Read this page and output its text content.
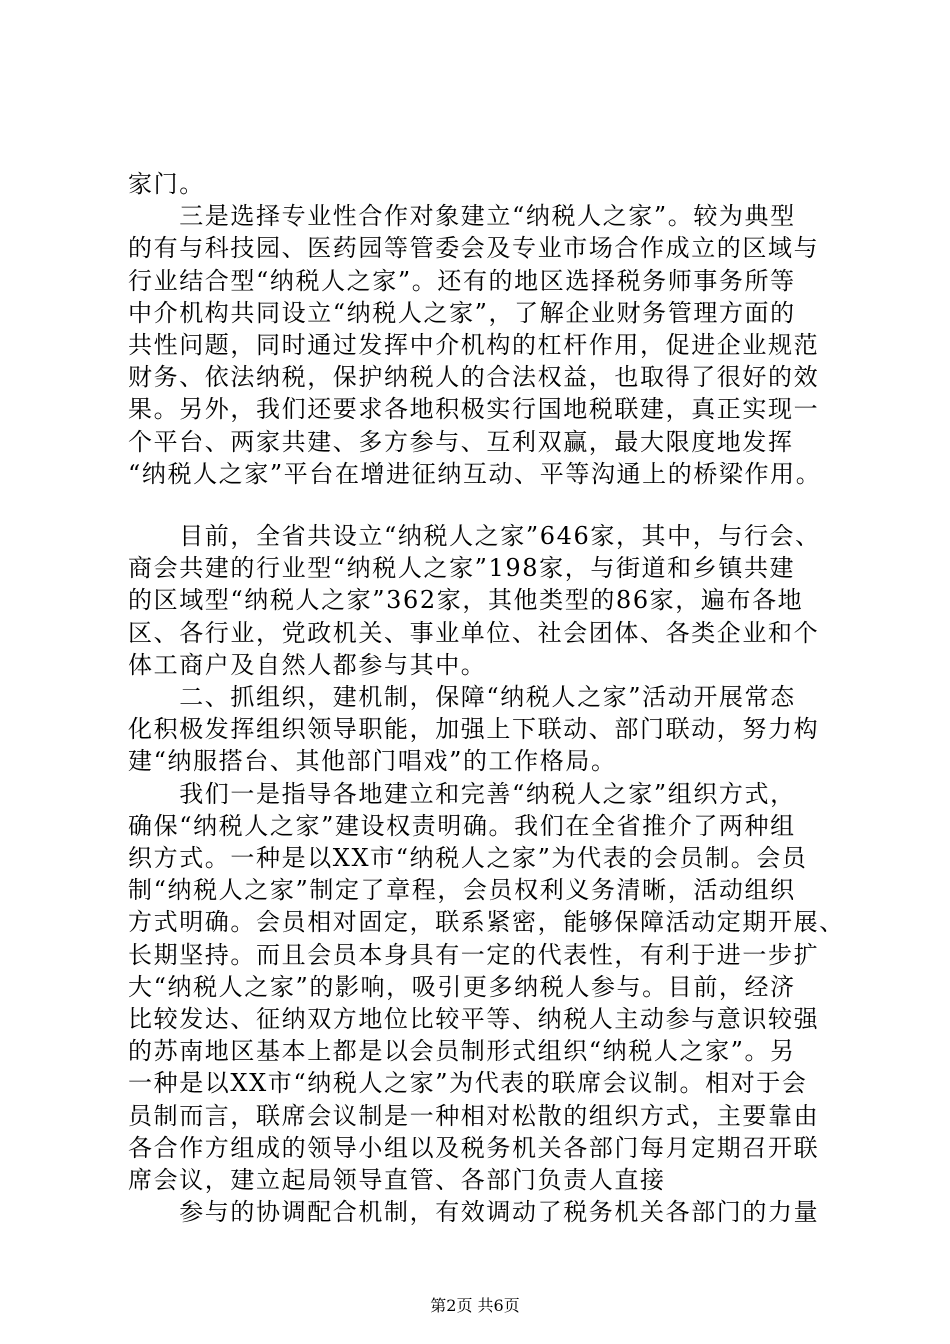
家门。
　　三是选择专业性合作对象建立“纳税人之家”。较为典型
的有与科技园、医药园等管委会及专业市场合作成立的区域与
行业结合型“纳税人之家”。还有的地区选择税务师事务所等
中介机构共同设立“纳税人之家”，了解企业财务管理方面的
共性问题，同时通过发挥中介机构的杠杆作用，促进企业规范
财务、依法纳税，保护纳税人的合法权益，也取得了很好的效
果。另外，我们还要求各地积极实行国地税联建，真正实现一
个平台、两家共建、多方参与、互利双赢，最大限度地发挥
“纳税人之家”平台在增进征纳互动、平等沟通上的桥梁作用。
　　目前，全省共设立“纳税人之家”646家，其中，与行会、
商会共建的行业型“纳税人之家”198家，与街道和乡镇共建
的区域型“纳税人之家”362家，其他类型的86家，遍布各地
区、各行业，党政机关、事业单位、社会团体、各类企业和个
体工商户及自然人都参与其中。
　　二、抓组织，建机制，保障“纳税人之家”活动开展常态
化积极发挥组织领导职能，加强上下联动、部门联动，努力构
建“纳服搭台、其他部门唱戏”的工作格局。
　　我们一是指导各地建立和完善“纳税人之家”组织方式，
确保“纳税人之家”建设权责明确。我们在全省推介了两种组
织方式。一种是以XX市“纳税人之家”为代表的会员制。会员
制“纳税人之家”制定了章程，会员权利义务清晰，活动组织
方式明确。会员相对固定，联系紧密，能够保障活动定期开展、
长期坚持。而且会员本身具有一定的代表性，有利于进一步扩
大“纳税人之家”的影响，吸引更多纳税人参与。目前，经济
比较发达、征纳双方地位比较平等、纳税人主动参与意识较强
的苏南地区基本上都是以会员制形式组织“纳税人之家”。另
一种是以XX市“纳税人之家”为代表的联席会议制。相对于会
员制而言，联席会议制是一种相对松散的组织方式，主要靠由
各合作方组成的领导小组以及税务机关各部门每月定期召开联
席会议，建立起局领导直管、各部门负责人直接
　　参与的协调配合机制，有效调动了税务机关各部门的力量
第2页 共6页
